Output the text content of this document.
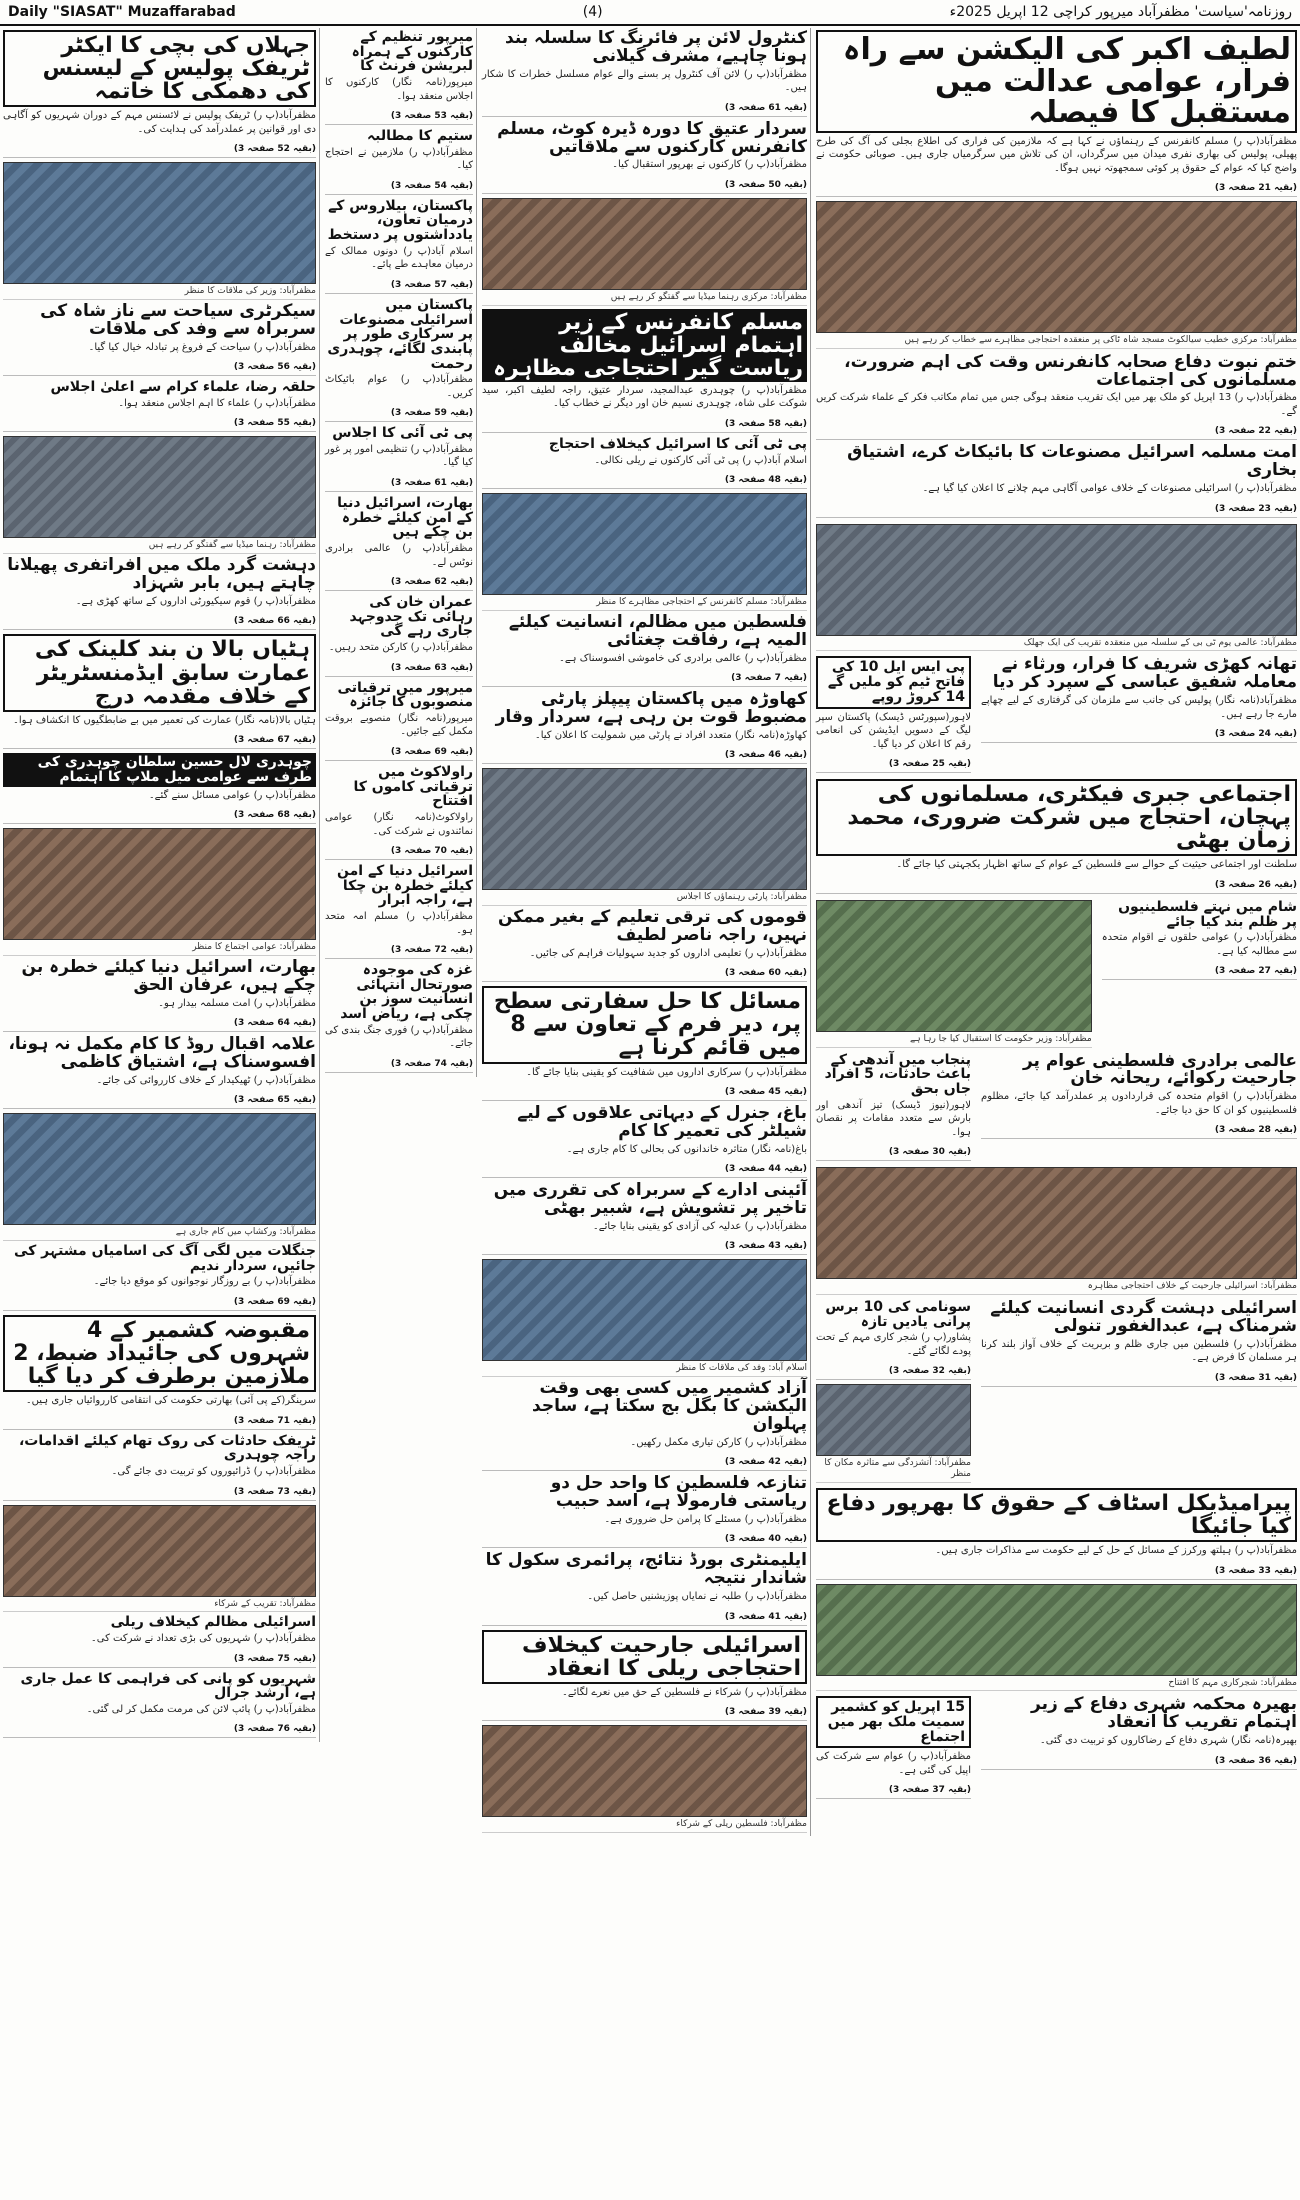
Daily "SIASAT" Muzaffarabad	(4)	روزنامہ'سیاست' مظفرآباد میرپور کراچی 12 اپریل 2025ء
لطیف اکبر کی الیکشن سے راہ فرار، عوامی عدالت میں مستقبل کا فیصلہ
مظفرآباد(پ ر) مسلم کانفرنس کے رہنماؤں نے کہا ہے کہ ملازمین کی فراری کی اطلاع بجلی کی آگ کی طرح پھیلی، پولیس کی بھاری نفری میدان میں سرگرداں، ان کی تلاش میں سرگرمیاں جاری ہیں۔ صوبائی حکومت نے واضح کیا کہ عوام کے حقوق پر کوئی سمجھوتہ نہیں ہوگا۔
(بقیہ 21 صفحہ 3)
مظفرآباد: مرکزی خطیب سیالکوٹ مسجد شاہ ٹاکی پر منعقدہ احتجاجی مظاہرے سے خطاب کر رہے ہیں
ختم نبوت دفاع صحابہ کانفرنس وقت کی اہم ضرورت، مسلمانوں کی اجتماعات
مظفرآباد(پ ر) 13 اپریل کو ملک بھر میں ایک تقریب منعقد ہوگی جس میں تمام مکاتب فکر کے علماء شرکت کریں گے۔
(بقیہ 22 صفحہ 3)
امت مسلمہ اسرائیل مصنوعات کا بائیکاٹ کرے، اشتیاق بخاری
مظفرآباد(پ ر) اسرائیلی مصنوعات کے خلاف عوامی آگاہی مہم چلانے کا اعلان کیا گیا ہے۔
(بقیہ 23 صفحہ 3)
مظفرآباد: عالمی یوم ٹی بی کے سلسلہ میں منعقدہ تقریب کی ایک جھلک
تھانہ کھڑی شریف کا فرار، ورثاء نے معاملہ شفیق عباسی کے سپرد کر دیا
مظفرآباد(نامہ نگار) پولیس کی جانب سے ملزمان کی گرفتاری کے لیے چھاپے مارے جا رہے ہیں۔
(بقیہ 24 صفحہ 3)
پی ایس ایل 10 کی فاتح ٹیم کو ملیں گے 14 کروڑ روپے
لاہور(سپورٹس ڈیسک) پاکستان سپر لیگ کے دسویں ایڈیشن کی انعامی رقم کا اعلان کر دیا گیا۔
(بقیہ 25 صفحہ 3)
اجتماعی جبری فیکٹری، مسلمانوں کی پہچان، احتجاج میں شرکت ضروری، محمد زمان بھٹی
سلطنت اور اجتماعی حیثیت کے حوالے سے فلسطین کے عوام کے ساتھ اظہار یکجہتی کیا جائے گا۔
(بقیہ 26 صفحہ 3)
شام میں نہتے فلسطینیوں پر ظلم بند کیا جائے
مظفرآباد(پ ر) عوامی حلقوں نے اقوام متحدہ سے مطالبہ کیا ہے۔
(بقیہ 27 صفحہ 3)
مظفرآباد: وزیر حکومت کا استقبال کیا جا رہا ہے
عالمی برادری فلسطینی عوام پر جارحیت رکوائے، ریحانہ خان
مظفرآباد(پ ر) اقوام متحدہ کی قراردادوں پر عملدرآمد کیا جائے، مظلوم فلسطینیوں کو ان کا حق دیا جائے۔
(بقیہ 28 صفحہ 3)
پنجاب میں آندھی کے باعث حادثات، 5 افراد جاں بحق
لاہور(نیوز ڈیسک) تیز آندھی اور بارش سے متعدد مقامات پر نقصان ہوا۔
(بقیہ 30 صفحہ 3)
مظفرآباد: اسرائیلی جارحیت کے خلاف احتجاجی مظاہرہ
اسرائیلی دہشت گردی انسانیت کیلئے شرمناک ہے، عبدالغفور تنولی
مظفرآباد(پ ر) فلسطین میں جاری ظلم و بربریت کے خلاف آواز بلند کرنا ہر مسلمان کا فرض ہے۔
(بقیہ 31 صفحہ 3)
سونامی کی 10 برس پرانی یادیں تازہ
پشاور(پ ر) شجر کاری مہم کے تحت پودے لگائے گئے۔
(بقیہ 32 صفحہ 3)
مظفرآباد: آتشزدگی سے متاثرہ مکان کا منظر
پیرامیڈیکل اسٹاف کے حقوق کا بھرپور دفاع کیا جائیگا
مظفرآباد(پ ر) ہیلتھ ورکرز کے مسائل کے حل کے لیے حکومت سے مذاکرات جاری ہیں۔
(بقیہ 33 صفحہ 3)
مظفرآباد: شجرکاری مہم کا افتتاح
بھیرہ محکمہ شہری دفاع کے زیر اہتمام تقریب کا انعقاد
بھیرہ(نامہ نگار) شہری دفاع کے رضاکاروں کو تربیت دی گئی۔
(بقیہ 36 صفحہ 3)
15 اپریل کو کشمیر سمیت ملک بھر میں اجتماع
مظفرآباد(پ ر) عوام سے شرکت کی اپیل کی گئی ہے۔
(بقیہ 37 صفحہ 3)
کنٹرول لائن پر فائرنگ کا سلسلہ بند ہونا چاہیے، مشرف گیلانی
مظفرآباد(پ ر) لائن آف کنٹرول پر بسنے والے عوام مسلسل خطرات کا شکار ہیں۔
(بقیہ 61 صفحہ 3)
سردار عتیق کا دورہ ڈیرہ کوٹ، مسلم کانفرنس کارکنوں سے ملاقاتیں
مظفرآباد(پ ر) کارکنوں نے بھرپور استقبال کیا۔
(بقیہ 50 صفحہ 3)
مظفرآباد: مرکزی رہنما میڈیا سے گفتگو کر رہے ہیں
مسلم کانفرنس کے زیر اہتمام اسرائیل مخالف ریاست گیر احتجاجی مظاہرہ
مظفرآباد(پ ر) چوہدری عبدالمجید، سردار عتیق، راجہ لطیف اکبر، سید شوکت علی شاہ، چوہدری نسیم خان اور دیگر نے خطاب کیا۔
(بقیہ 58 صفحہ 3)
پی ٹی آئی کا اسرائیل کیخلاف احتجاج
اسلام آباد(پ ر) پی ٹی آئی کارکنوں نے ریلی نکالی۔
(بقیہ 48 صفحہ 3)
مظفرآباد: مسلم کانفرنس کے احتجاجی مظاہرے کا منظر
فلسطین میں مظالم، انسانیت کیلئے المیہ ہے، رفاقت چغتائی
مظفرآباد(پ ر) عالمی برادری کی خاموشی افسوسناک ہے۔
(بقیہ 7 صفحہ 3)
کھاوڑہ میں پاکستان پیپلز پارٹی مضبوط قوت بن رہی ہے، سردار وقار
کھاوڑہ(نامہ نگار) متعدد افراد نے پارٹی میں شمولیت کا اعلان کیا۔
(بقیہ 46 صفحہ 3)
مظفرآباد: پارٹی رہنماؤں کا اجلاس
قوموں کی ترقی تعلیم کے بغیر ممکن نہیں، راجہ ناصر لطیف
مظفرآباد(پ ر) تعلیمی اداروں کو جدید سہولیات فراہم کی جائیں۔
(بقیہ 60 صفحہ 3)
مسائل کا حل سفارتی سطح پر، دیر فرم کے تعاون سے 8 میں قائم کرنا ہے
مظفرآباد(پ ر) سرکاری اداروں میں شفافیت کو یقینی بنایا جائے گا۔
(بقیہ 45 صفحہ 3)
باغ، جنرل کے دیہاتی علاقوں کے لیے شیلٹر کی تعمیر کا کام
باغ(نامہ نگار) متاثرہ خاندانوں کی بحالی کا کام جاری ہے۔
(بقیہ 44 صفحہ 3)
آئینی ادارے کے سربراہ کی تقرری میں تاخیر پر تشویش ہے، شبیر بھٹی
مظفرآباد(پ ر) عدلیہ کی آزادی کو یقینی بنایا جائے۔
(بقیہ 43 صفحہ 3)
اسلام آباد: وفد کی ملاقات کا منظر
آزاد کشمیر میں کسی بھی وقت الیکشن کا بگل بج سکتا ہے، ساجد پہلوان
مظفرآباد(پ ر) کارکن تیاری مکمل رکھیں۔
(بقیہ 42 صفحہ 3)
تنازعہ فلسطین کا واحد حل دو ریاستی فارمولا ہے، اسد حبیب
مظفرآباد(پ ر) مسئلے کا پرامن حل ضروری ہے۔
(بقیہ 40 صفحہ 3)
ایلیمنٹری بورڈ نتائج، پرائمری سکول کا شاندار نتیجہ
مظفرآباد(پ ر) طلبہ نے نمایاں پوزیشنیں حاصل کیں۔
(بقیہ 41 صفحہ 3)
اسرائیلی جارحیت کیخلاف احتجاجی ریلی کا انعقاد
مظفرآباد(پ ر) شرکاء نے فلسطین کے حق میں نعرے لگائے۔
(بقیہ 39 صفحہ 3)
مظفرآباد: فلسطین ریلی کے شرکاء
میرپور تنظیم کے کارکنوں کے ہمراہ لبریشن فرنٹ کا
میرپور(نامہ نگار) کارکنوں کا اجلاس منعقد ہوا۔
(بقیہ 53 صفحہ 3)
ستیم کا مطالبہ
مظفرآباد(پ ر) ملازمین نے احتجاج کیا۔
(بقیہ 54 صفحہ 3)
پاکستان، بیلاروس کے درمیان تعاون، یادداشتوں پر دستخط
اسلام آباد(پ ر) دونوں ممالک کے درمیان معاہدے طے پائے۔
(بقیہ 57 صفحہ 3)
پاکستان میں اسرائیلی مصنوعات پر سرکاری طور پر پابندی لگائے، چوہدری رحمت
مظفرآباد(پ ر) عوام بائیکاٹ کریں۔
(بقیہ 59 صفحہ 3)
پی ٹی آئی کا اجلاس
مظفرآباد(پ ر) تنظیمی امور پر غور کیا گیا۔
(بقیہ 61 صفحہ 3)
بھارت، اسرائیل دنیا کے امن کیلئے خطرہ بن چکے ہیں
مظفرآباد(پ ر) عالمی برادری نوٹس لے۔
(بقیہ 62 صفحہ 3)
عمران خان کی رہائی تک جدوجہد جاری رہے گی
مظفرآباد(پ ر) کارکن متحد رہیں۔
(بقیہ 63 صفحہ 3)
میرپور میں ترقیاتی منصوبوں کا جائزہ
میرپور(نامہ نگار) منصوبے بروقت مکمل کیے جائیں۔
(بقیہ 69 صفحہ 3)
راولاکوٹ میں ترقیاتی کاموں کا افتتاح
راولاکوٹ(نامہ نگار) عوامی نمائندوں نے شرکت کی۔
(بقیہ 70 صفحہ 3)
اسرائیل دنیا کے امن کیلئے خطرہ بن چکا ہے، راجہ ابرار
مظفرآباد(پ ر) مسلم امہ متحد ہو۔
(بقیہ 72 صفحہ 3)
غزہ کی موجودہ صورتحال انتہائی انسانیت سوز بن چکی ہے، ریاض اسد
مظفرآباد(پ ر) فوری جنگ بندی کی جائے۔
(بقیہ 74 صفحہ 3)
جہلاں کی بچی کا ایکٹر ٹریفک پولیس کے لیسنس کی دھمکی کا خاتمہ
مظفرآباد(پ ر) ٹریفک پولیس نے لائسنس مہم کے دوران شہریوں کو آگاہی دی اور قوانین پر عملدرآمد کی ہدایت کی۔
(بقیہ 52 صفحہ 3)
مظفرآباد: وزیر کی ملاقات کا منظر
سیکرٹری سیاحت سے ناز شاہ کی سربراہ سے وفد کی ملاقات
مظفرآباد(پ ر) سیاحت کے فروغ پر تبادلہ خیال کیا گیا۔
(بقیہ 56 صفحہ 3)
حلقہ رضا، علماء کرام سے اعلیٰ اجلاس
مظفرآباد(پ ر) علماء کا اہم اجلاس منعقد ہوا۔
(بقیہ 55 صفحہ 3)
مظفرآباد: رہنما میڈیا سے گفتگو کر رہے ہیں
دہشت گرد ملک میں افراتفری پھیلانا چاہتے ہیں، بابر شہزاد
مظفرآباد(پ ر) قوم سیکیورٹی اداروں کے ساتھ کھڑی ہے۔
(بقیہ 66 صفحہ 3)
ہٹیاں بالا ن بند کلینک کی عمارت سابق ایڈمنسٹریٹر کے خلاف مقدمہ درج
ہٹیاں بالا(نامہ نگار) عمارت کی تعمیر میں بے ضابطگیوں کا انکشاف ہوا۔
(بقیہ 67 صفحہ 3)
چوہدری لال حسین سلطان چوہدری کی طرف سے عوامی میل ملاپ کا اہتمام
مظفرآباد(پ ر) عوامی مسائل سنے گئے۔
(بقیہ 68 صفحہ 3)
مظفرآباد: عوامی اجتماع کا منظر
بھارت، اسرائیل دنیا کیلئے خطرہ بن چکے ہیں، عرفان الحق
مظفرآباد(پ ر) امت مسلمہ بیدار ہو۔
(بقیہ 64 صفحہ 3)
علامہ اقبال روڈ کا کام مکمل نہ ہونا، افسوسناک ہے، اشتیاق کاظمی
مظفرآباد(پ ر) ٹھیکیدار کے خلاف کارروائی کی جائے۔
(بقیہ 65 صفحہ 3)
مظفرآباد: ورکشاپ میں کام جاری ہے
جنگلات میں لگی آگ کی اسامیاں مشتہر کی جائیں، سردار ندیم
مظفرآباد(پ ر) بے روزگار نوجوانوں کو موقع دیا جائے۔
(بقیہ 69 صفحہ 3)
مقبوضہ کشمیر کے 4 شہروں کی جائیداد ضبط، 2 ملازمین برطرف کر دیا گیا
سرینگر(کے پی آئی) بھارتی حکومت کی انتقامی کارروائیاں جاری ہیں۔
(بقیہ 71 صفحہ 3)
ٹریفک حادثات کی روک تھام کیلئے اقدامات، راجہ چوہدری
مظفرآباد(پ ر) ڈرائیوروں کو تربیت دی جائے گی۔
(بقیہ 73 صفحہ 3)
مظفرآباد: تقریب کے شرکاء
اسرائیلی مظالم کیخلاف ریلی
مظفرآباد(پ ر) شہریوں کی بڑی تعداد نے شرکت کی۔
(بقیہ 75 صفحہ 3)
شہریوں کو پانی کی فراہمی کا عمل جاری ہے، ارشد جرال
مظفرآباد(پ ر) پائپ لائن کی مرمت مکمل کر لی گئی۔
(بقیہ 76 صفحہ 3)
